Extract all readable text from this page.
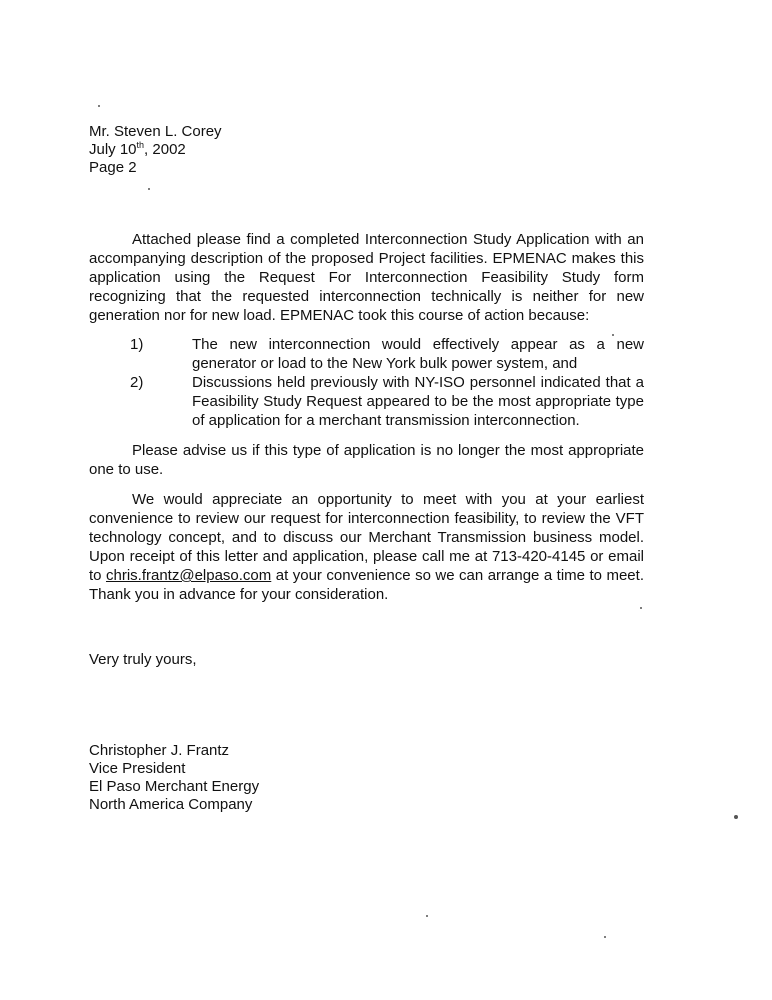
Mr. Steven L. Corey
July 10th, 2002
Page 2

Attached please find a completed Interconnection Study Application with an accompanying description of the proposed Project facilities. EPMENAC makes this application using the Request For Interconnection Feasibility Study form recognizing that the requested interconnection technically is neither for new generation nor for new load. EPMENAC took this course of action because:

1)	The new interconnection would effectively appear as a new generator or load to the New York bulk power system, and
2)	Discussions held previously with NY-ISO personnel indicated that a Feasibility Study Request appeared to be the most appropriate type of application for a merchant transmission interconnection.

Please advise us if this type of application is no longer the most appropriate one to use.

We would appreciate an opportunity to meet with you at your earliest convenience to review our request for interconnection feasibility, to review the VFT technology concept, and to discuss our Merchant Transmission business model. Upon receipt of this letter and application, please call me at 713-420-4145 or email to chris.frantz@elpaso.com at your convenience so we can arrange a time to meet. Thank you in advance for your consideration.

Very truly yours,
Christopher J. Frantz
Vice President
El Paso Merchant Energy
North America Company
